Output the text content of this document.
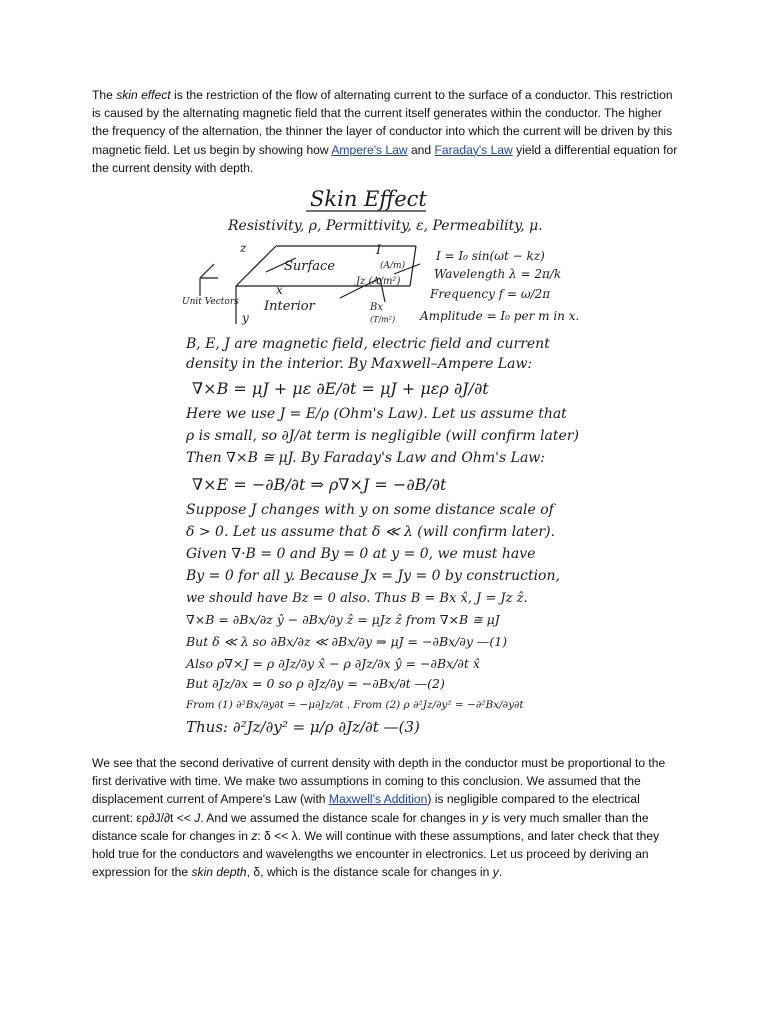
The skin effect is the restriction of the flow of alternating current to the surface of a conductor. This restriction is caused by the alternating magnetic field that the current itself generates within the conductor. The higher the frequency of the alternation, the thinner the layer of conductor into which the current will be driven by this magnetic field. Let us begin by showing how Ampere's Law and Faraday's Law yield a differential equation for the current density with depth.

Skin Effect
Resistivity, ρ, Permittivity, ε, Permeability, μ.
z
x
y
Surface
Interior
Unit Vectors
I
(A/m)
Jz (A/m²)
Bx
(T/m²)
I = I₀ sin(ωt − kz)
Wavelength λ = 2π/k
Frequency f = ω/2π
Amplitude = I₀ per m in x.
B, E, J are magnetic field, electric field and current
density in the interior. By Maxwell–Ampere Law:
∇×B = μJ + με ∂E/∂t = μJ + μερ ∂J/∂t
Here we use J = E/ρ (Ohm's Law). Let us assume that
ρ is small, so ∂J/∂t term is negligible (will confirm later)
Then ∇×B ≅ μJ. By Faraday's Law and Ohm's Law:
∇×E = −∂B/∂t ⇒ ρ∇×J = −∂B/∂t
Suppose J changes with y on some distance scale of
δ > 0. Let us assume that δ ≪ λ (will confirm later).
Given ∇·B = 0 and By = 0 at y = 0, we must have
By = 0 for all y. Because Jx = Jy = 0 by construction,
we should have Bz = 0 also. Thus B = Bx x̂, J = Jz ẑ.
∇×B = ∂Bx/∂z ŷ − ∂Bx/∂y ẑ = μJz ẑ from ∇×B ≅ μJ
But δ ≪ λ so ∂Bx/∂z ≪ ∂Bx/∂y ⇒ μJ = −∂Bx/∂y —(1)
Also ρ∇×J = ρ ∂Jz/∂y x̂ − ρ ∂Jz/∂x ŷ = −∂Bx/∂t x̂
But ∂Jz/∂x = 0 so ρ ∂Jz/∂y = −∂Bx/∂t —(2)
From (1) ∂²Bx/∂y∂t = −μ∂Jz/∂t . From (2) ρ ∂²Jz/∂y² = −∂²Bx/∂y∂t
Thus: ∂²Jz/∂y² = μ/ρ ∂Jz/∂t —(3)

We see that the second derivative of current density with depth in the conductor must be proportional to the first derivative with time. We make two assumptions in coming to this conclusion. We assumed that the displacement current of Ampere's Law (with Maxwell's Addition) is negligible compared to the electrical current: ερ∂J/∂t << J. And we assumed the distance scale for changes in y is very much smaller than the distance scale for changes in z: δ << λ. We will continue with these assumptions, and later check that they hold true for the conductors and wavelengths we encounter in electronics. Let us proceed by deriving an expression for the skin depth, δ, which is the distance scale for changes in y.
